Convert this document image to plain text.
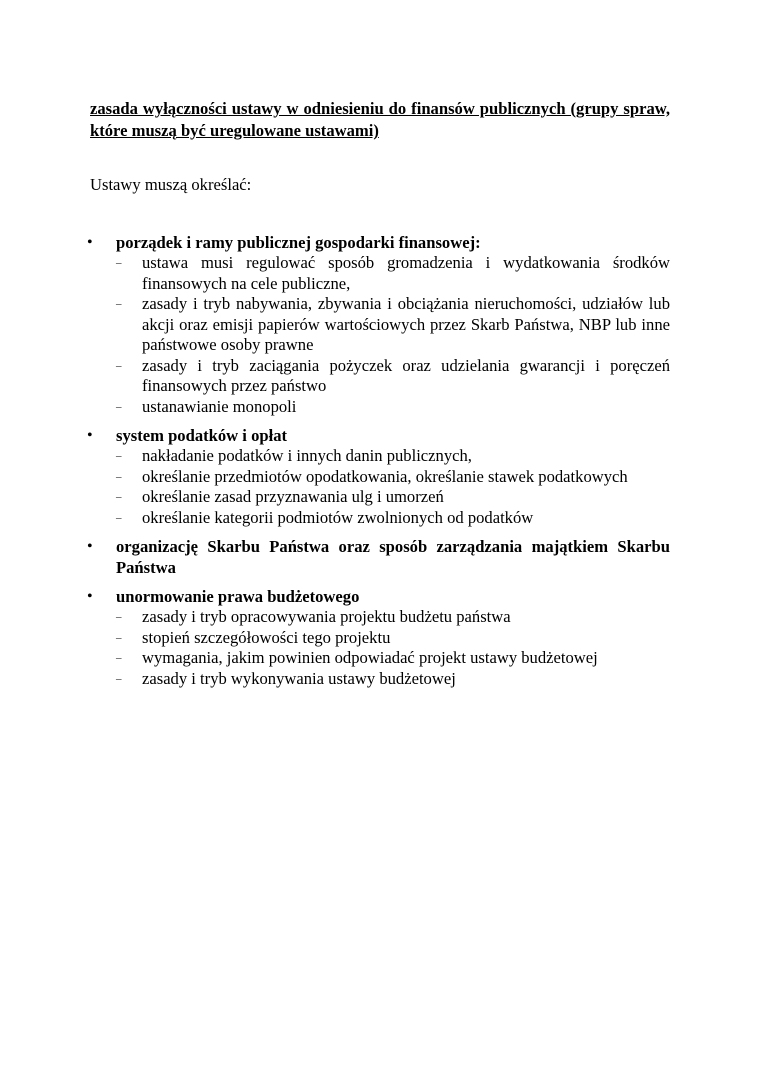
zasada wyłączności ustawy w odniesieniu do finansów publicznych (grupy spraw, które muszą być uregulowane ustawami)

Ustawy muszą określać:

• porządek i ramy publicznej gospodarki finansowej:
– ustawa musi regulować sposób gromadzenia i wydatkowania środków finansowych na cele publiczne,
– zasady i tryb nabywania, zbywania i obciążania nieruchomości, udziałów lub akcji oraz emisji papierów wartościowych przez Skarb Państwa, NBP lub inne państwowe osoby prawne
– zasady i tryb zaciągania pożyczek oraz udzielania gwarancji i poręczeń finansowych przez państwo
– ustanawianie monopoli
• system podatków i opłat
– nakładanie podatków i innych danin publicznych,
– określanie przedmiotów opodatkowania, określanie stawek podatkowych
– określanie zasad przyznawania ulg i umorzeń
– określanie kategorii podmiotów zwolnionych od podatków
• organizację Skarbu Państwa oraz sposób zarządzania majątkiem Skarbu Państwa
• unormowanie prawa budżetowego
– zasady i tryb opracowywania projektu budżetu państwa
– stopień szczegółowości tego projektu
– wymagania, jakim powinien odpowiadać projekt ustawy budżetowej
– zasady i tryb wykonywania ustawy budżetowej
